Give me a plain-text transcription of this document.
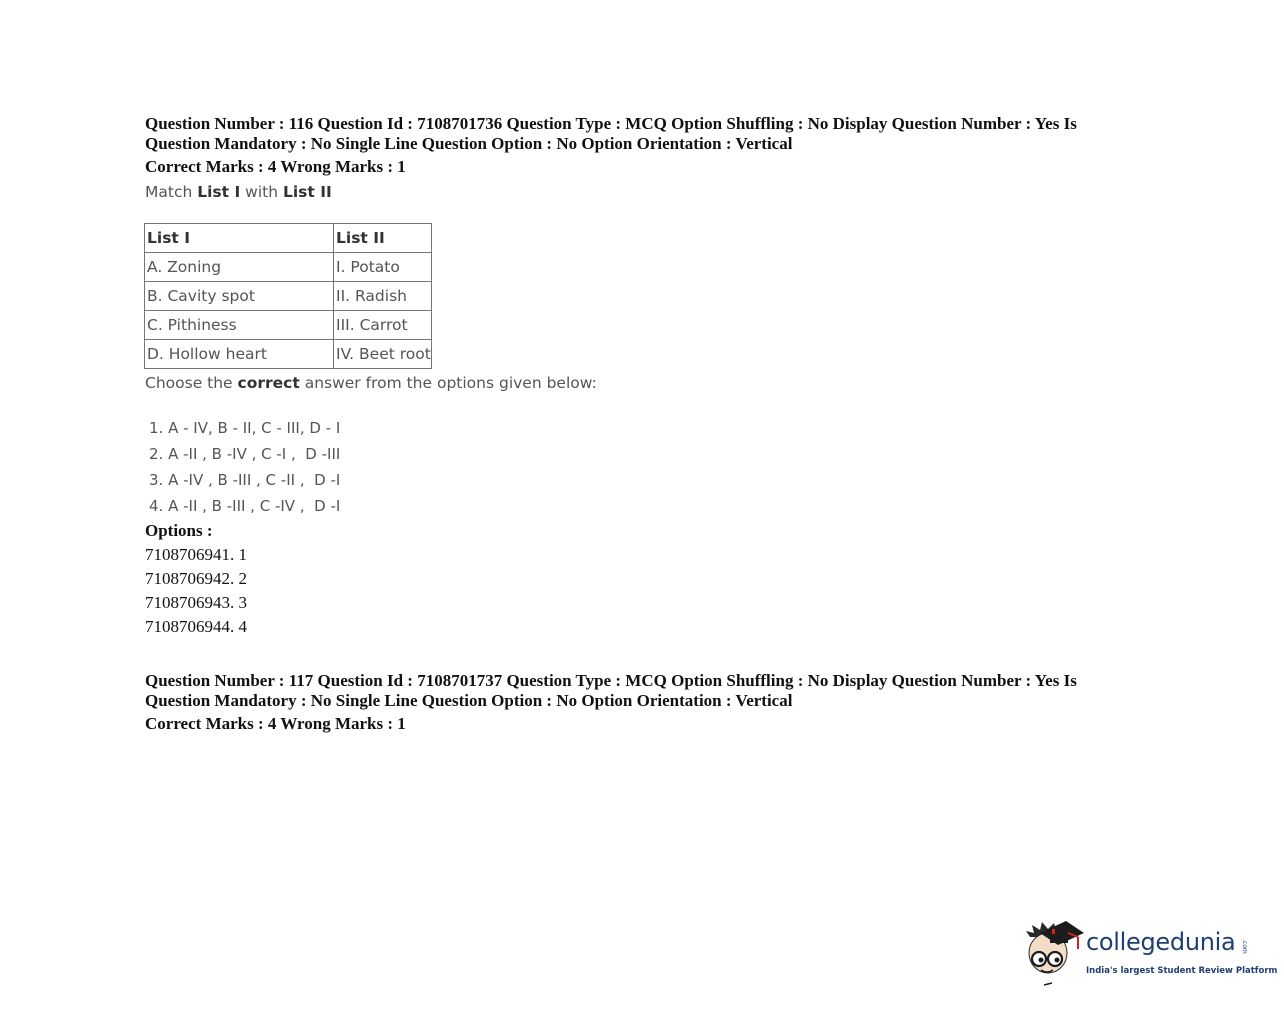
Question Number : 116 Question Id : 7108701736 Question Type : MCQ Option Shuffling : No Display Question Number : Yes Is
Question Mandatory : No Single Line Question Option : No Option Orientation : Vertical
Correct Marks : 4 Wrong Marks : 1
Match List I with List II
List I	List II
A. Zoning	I. Potato
B. Cavity spot	II. Radish
C. Pithiness	III. Carrot
D. Hollow heart	IV. Beet root
Choose the correct answer from the options given below:
1. A - IV, B - II, C - III, D - I
2. A -II , B -IV , C -I ,  D -III
3. A -IV , B -III , C -II ,  D -I
4. A -II , B -III , C -IV ,  D -I
Options :
7108706941. 1
7108706942. 2
7108706943. 3
7108706944. 4
Question Number : 117 Question Id : 7108701737 Question Type : MCQ Option Shuffling : No Display Question Number : Yes Is
Question Mandatory : No Single Line Question Option : No Option Orientation : Vertical
Correct Marks : 4 Wrong Marks : 1
collegedunia .com
India's largest Student Review Platform
